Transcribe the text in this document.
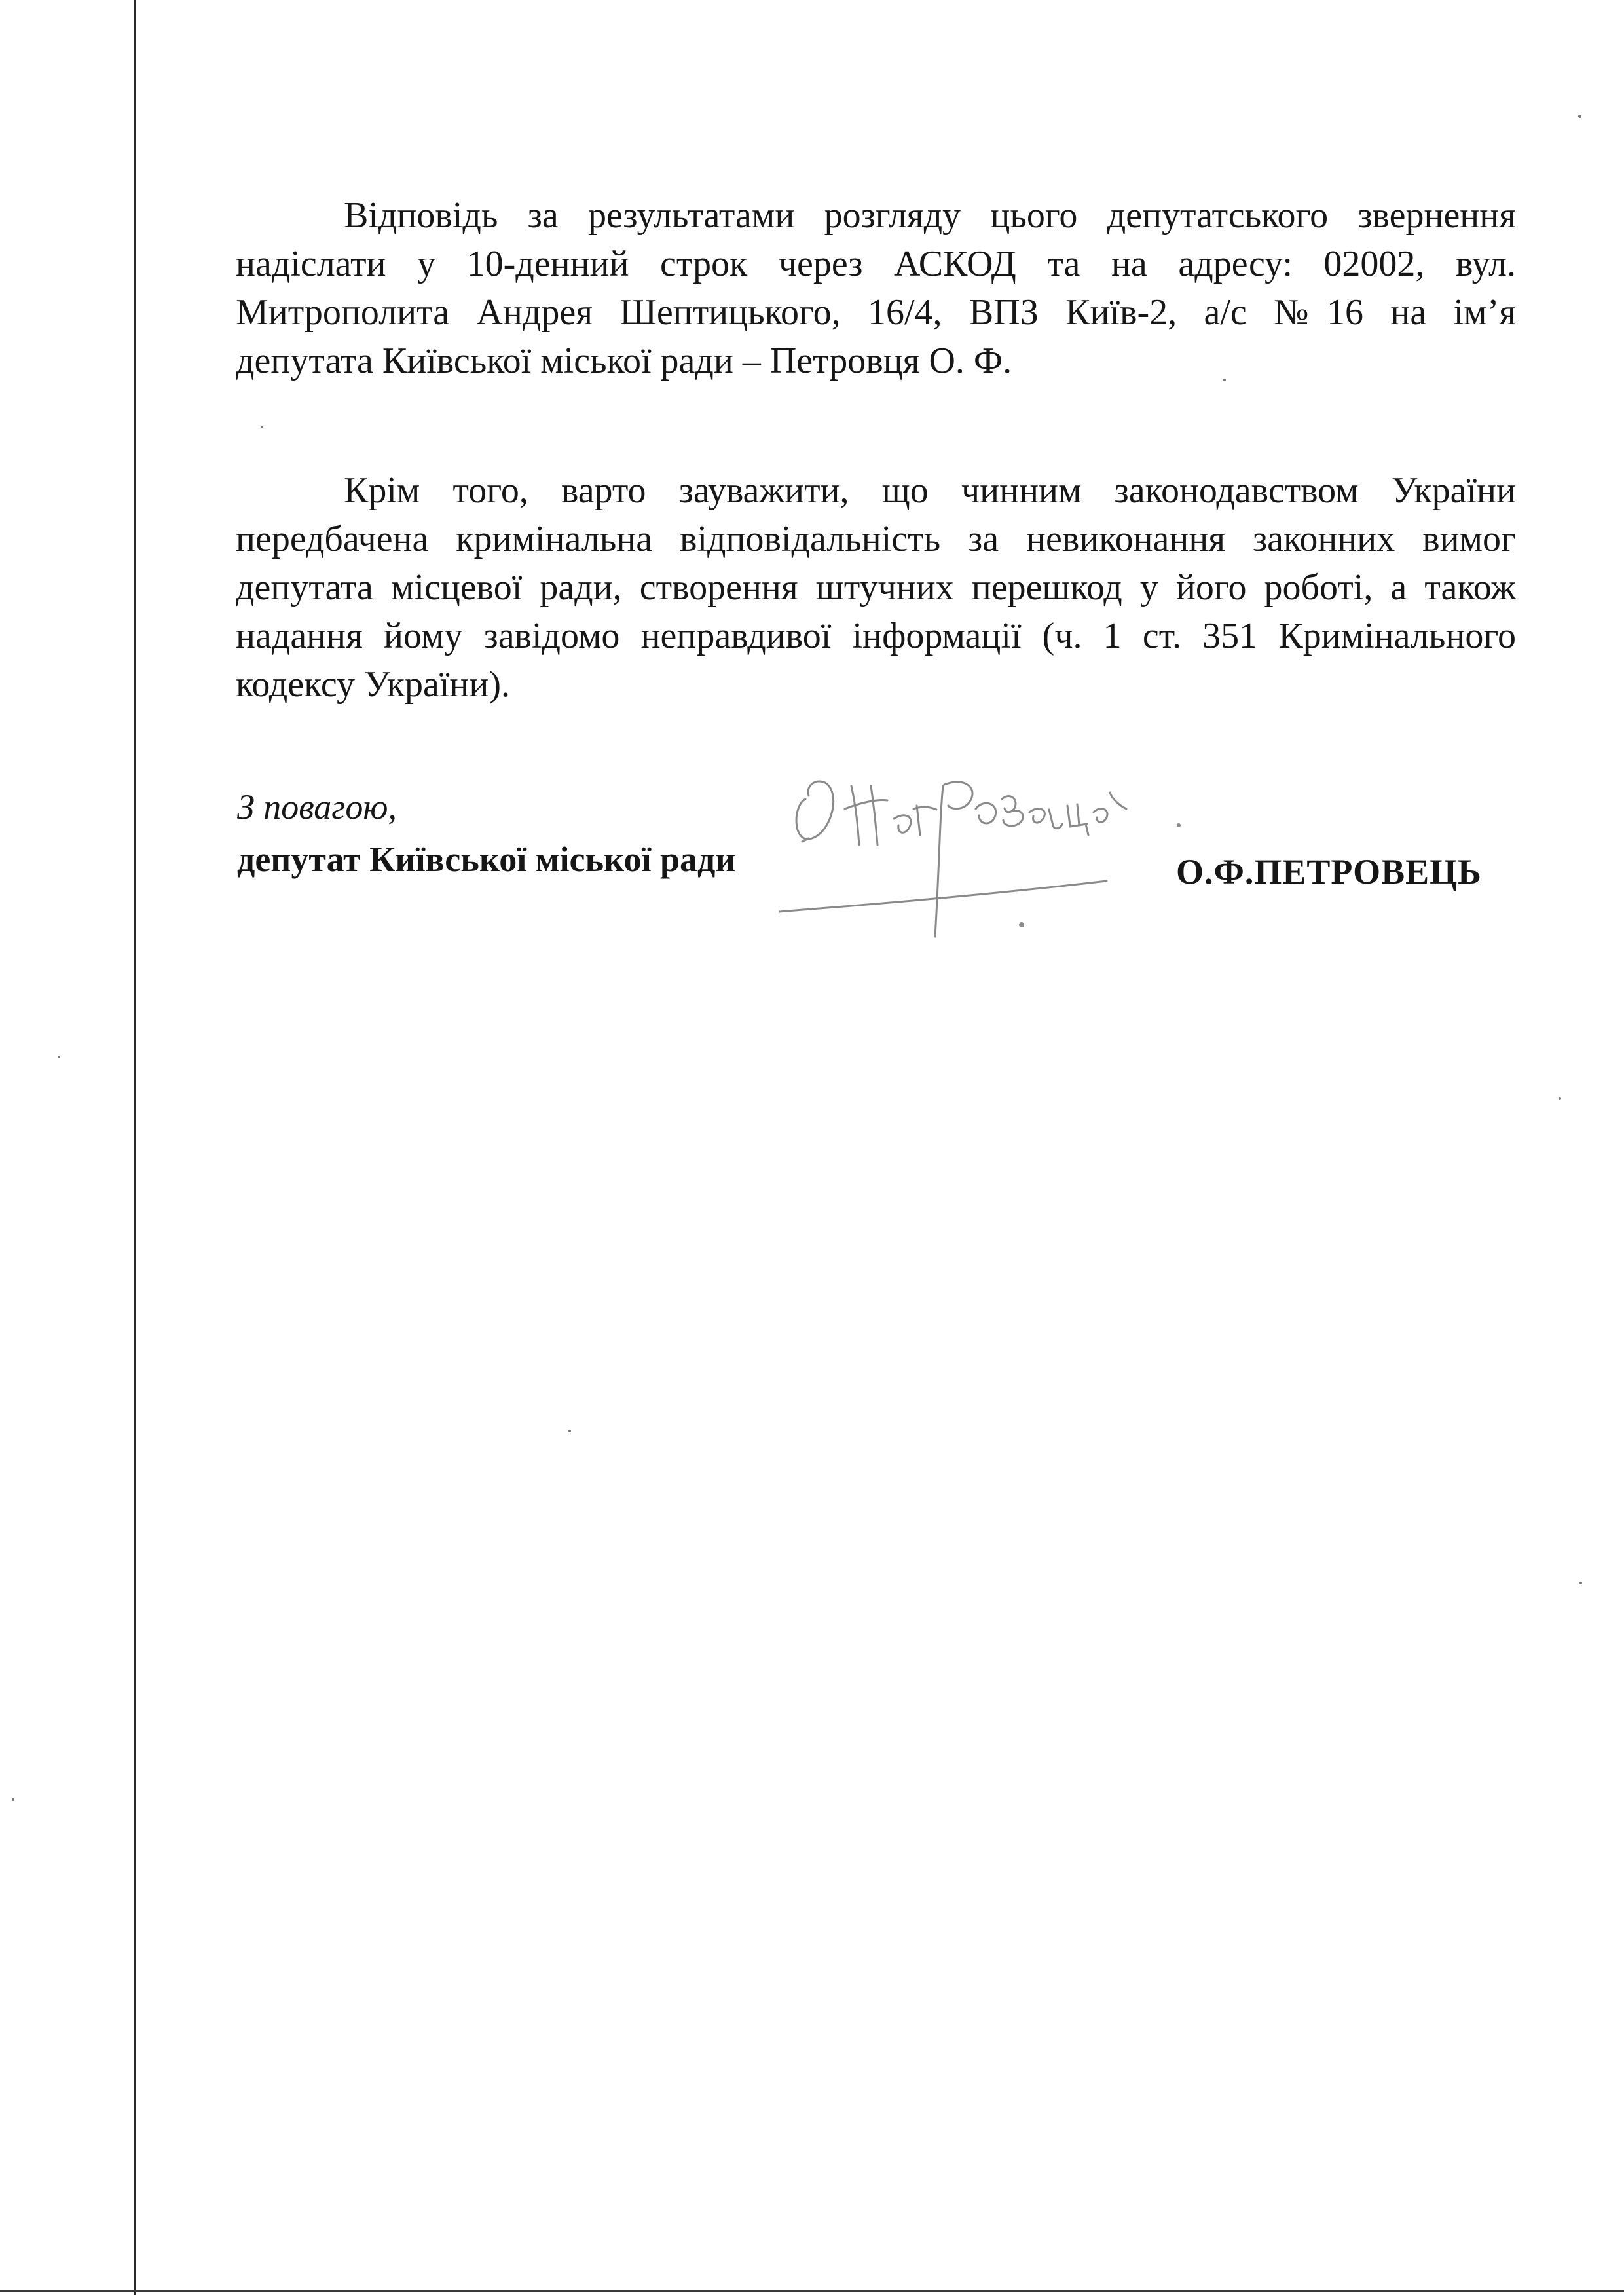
Відповідь за результатами розгляду цього депутатського звернення
надіслати у 10-денний строк через АСКОД та на адресу: 02002, вул.
Митрополита Андрея Шептицького, 16/4, ВПЗ Київ-2, а/с №16 на ім’я
депутата Київської міської ради – Петровця О. Ф.
Крім того, варто зауважити, що чинним законодавством України
передбачена кримінальна відповідальність за невиконання законних вимог
депутата місцевої ради, створення штучних перешкод у його роботі, а також
надання йому завідомо неправдивої інформації (ч. 1 ст. 351 Кримінального
кодексу України).
З повагою,
депутат Київської міської ради	О.Ф.ПЕТРОВЕЦЬ
